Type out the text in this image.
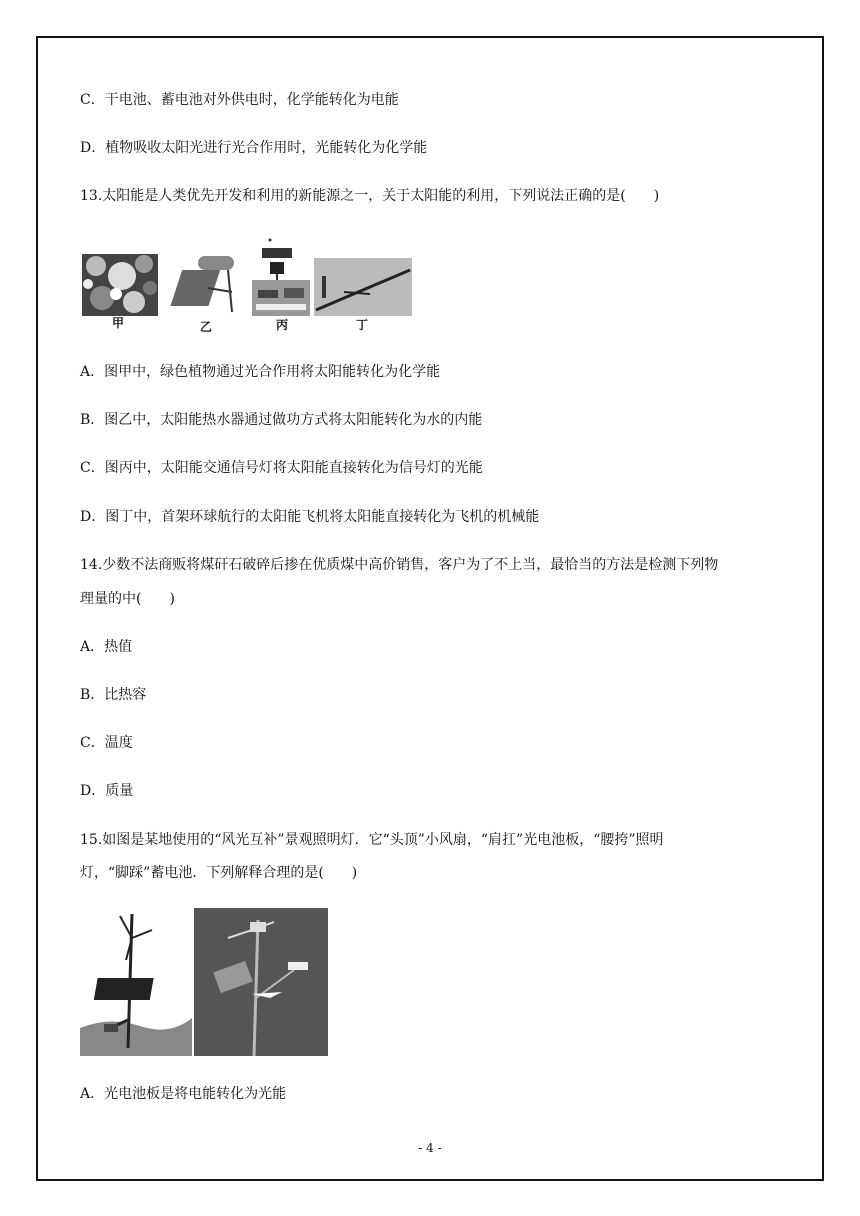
C．干电池、蓄电池对外供电时，化学能转化为电能
D．植物吸收太阳光进行光合作用时，光能转化为化学能
13.太阳能是人类优先开发和利用的新能源之一，关于太阳能的利用，下列说法正确的是(　　)
甲	乙	丙	丁
A．图甲中，绿色植物通过光合作用将太阳能转化为化学能
B．图乙中，太阳能热水器通过做功方式将太阳能转化为水的内能
C．图丙中，太阳能交通信号灯将太阳能直接转化为信号灯的光能
D．图丁中，首架环球航行的太阳能飞机将太阳能直接转化为飞机的机械能
14.少数不法商贩将煤矸石破碎后掺在优质煤中高价销售，客户为了不上当，最恰当的方法是检测下列物
理量的中(　　)
A．热值
B．比热容
C．温度
D．质量
15.如图是某地使用的“风光互补”景观照明灯．它“头顶”小风扇，“肩扛”光电池板，“腰挎”照明
灯，“脚踩”蓄电池．下列解释合理的是(　　)
A．光电池板是将电能转化为光能
- 4 -
